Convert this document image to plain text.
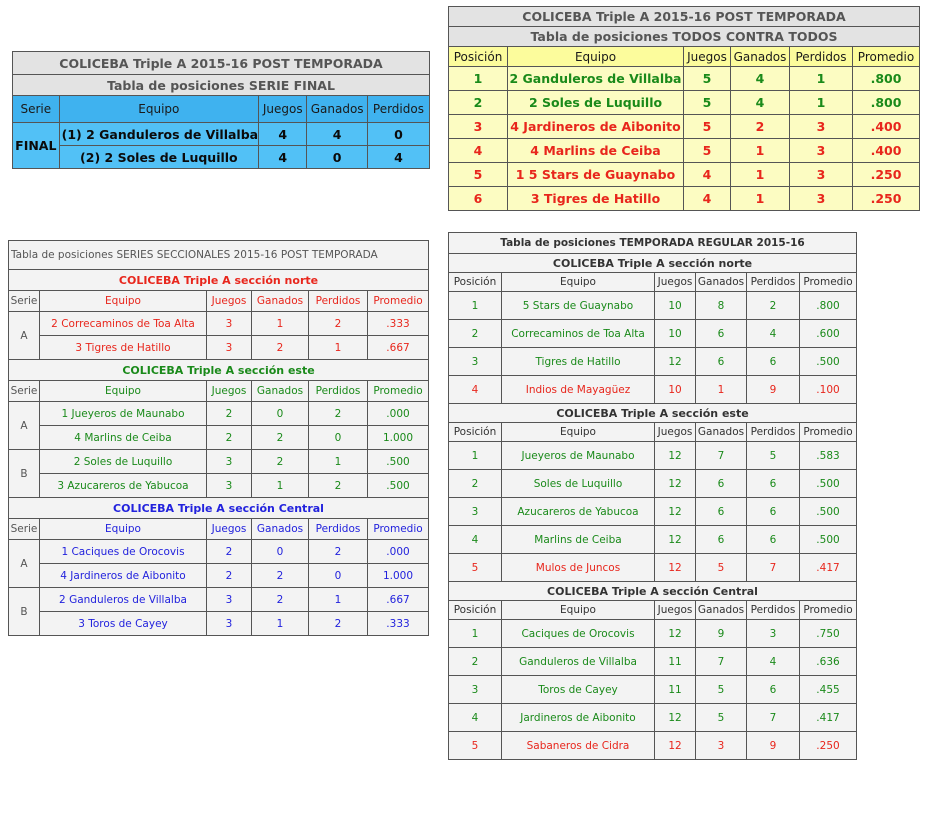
COLICEBA Triple A 2015-16 POST TEMPORADA				
Tabla de posiciones SERIE FINAL				
Serie	Equipo	Juegos	Ganados	Perdidos
FINAL	(1) 2 Ganduleros de Villalba	4	4	0
	(2) 2 Soles de Luquillo	4	0	4
COLICEBA Triple A 2015-16 POST TEMPORADA					
Tabla de posiciones TODOS CONTRA TODOS					
Posición	Equipo	Juegos	Ganados	Perdidos	Promedio
1	2 Ganduleros de Villalba	5	4	1	.800
2	2 Soles de Luquillo	5	4	1	.800
3	4 Jardineros de Aibonito	5	2	3	.400
4	4 Marlins de Ceiba	5	1	3	.400
5	1 5 Stars de Guaynabo	4	1	3	.250
6	3 Tigres de Hatillo	4	1	3	.250
Tabla de posiciones SERIES SECCIONALES 2015-16 POST TEMPORADA					
COLICEBA Triple A sección norte					
Serie	Equipo	Juegos	Ganados	Perdidos	Promedio
A	2 Correcaminos de Toa Alta	3	1	2	.333
	3 Tigres de Hatillo	3	2	1	.667
COLICEBA Triple A sección este					
Serie	Equipo	Juegos	Ganados	Perdidos	Promedio
A	1 Jueyeros de Maunabo	2	0	2	.000
	4 Marlins de Ceiba	2	2	0	1.000
B	2 Soles de Luquillo	3	2	1	.500
	3 Azucareros de Yabucoa	3	1	2	.500
COLICEBA Triple A sección Central					
Serie	Equipo	Juegos	Ganados	Perdidos	Promedio
A	1 Caciques de Orocovis	2	0	2	.000
	4 Jardineros de Aibonito	2	2	0	1.000
B	2 Ganduleros de Villalba	3	2	1	.667
	3 Toros de Cayey	3	1	2	.333
Tabla de posiciones TEMPORADA REGULAR 2015-16					
COLICEBA Triple A sección norte					
Posición	Equipo	Juegos	Ganados	Perdidos	Promedio
1	5 Stars de Guaynabo	10	8	2	.800
2	Correcaminos de Toa Alta	10	6	4	.600
3	Tigres de Hatillo	12	6	6	.500
4	Indios de Mayagüez	10	1	9	.100
COLICEBA Triple A sección este					
Posición	Equipo	Juegos	Ganados	Perdidos	Promedio
1	Jueyeros de Maunabo	12	7	5	.583
2	Soles de Luquillo	12	6	6	.500
3	Azucareros de Yabucoa	12	6	6	.500
4	Marlins de Ceiba	12	6	6	.500
5	Mulos de Juncos	12	5	7	.417
COLICEBA Triple A sección Central					
Posición	Equipo	Juegos	Ganados	Perdidos	Promedio
1	Caciques de Orocovis	12	9	3	.750
2	Ganduleros de Villalba	11	7	4	.636
3	Toros de Cayey	11	5	6	.455
4	Jardineros de Aibonito	12	5	7	.417
5	Sabaneros de Cidra	12	3	9	.250
